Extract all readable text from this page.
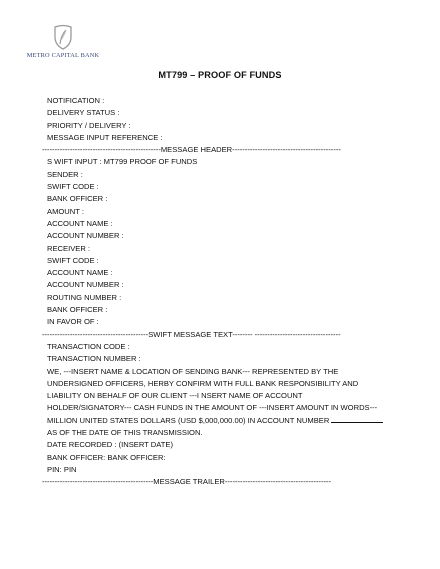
METRO CAPITAL BANK
MT799 – PROOF OF FUNDS
NOTIFICATION :
DELIVERY STATUS :
PRIORITY / DELIVERY :
MESSAGE INPUT REFERENCE :
-----------------------------------------------MESSAGE HEADER-------------------------------------------
S WIFT INPUT : MT799 PROOF OF FUNDS
SENDER :
SWIFT CODE :
BANK OFFICER :
AMOUNT :
ACCOUNT NAME :
ACCOUNT NUMBER :
RECEIVER :
SWIFT CODE :
ACCOUNT NAME :
ACCOUNT NUMBER :
ROUTING NUMBER :
BANK OFFICER :
IN FAVOR OF :
------------------------------------------SWIFT MESSAGE TEXT-------- ----------------------------------
TRANSACTION CODE :
TRANSACTION NUMBER :
WE, ---INSERT NAME & LOCATION OF SENDING BANK--- REPRESENTED BY THE
UNDERSIGNED OFFICERS, HERBY CONFIRM WITH FULL BANK RESPONSIBILITY AND
LIABILITY ON BEHALF OF OUR CLIENT ---I NSERT NAME OF ACCOUNT
HOLDER/SIGNATORY--- CASH FUNDS IN THE AMOUNT OF ---INSERT AMOUNT IN WORDS---
MILLION UNITED STATES DOLLARS (USD $,000,000.00) IN ACCOUNT NUMBER
AS OF THE DATE OF THIS TRANSMISSION.
DATE RECORDED : (INSERT DATE)
BANK OFFICER: BANK OFFICER:
PIN: PIN
--------------------------------------------MESSAGE TRAILER------------------------------------------
